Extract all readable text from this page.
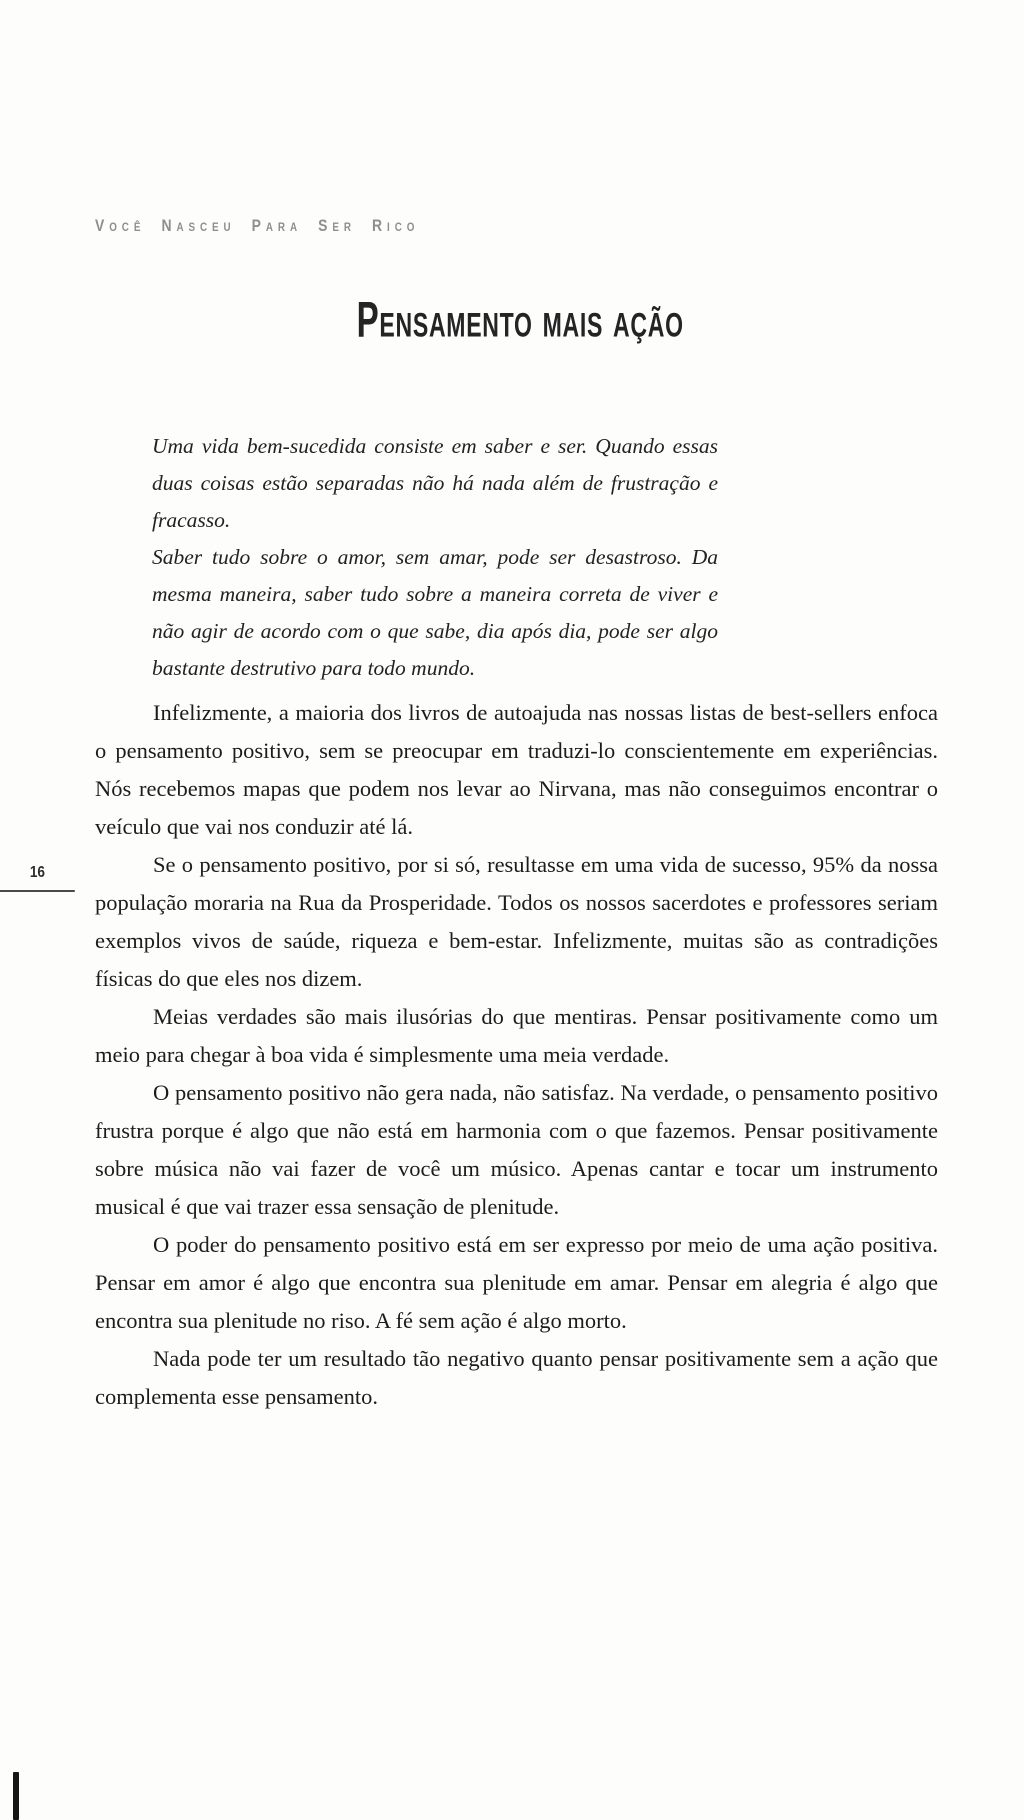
Você Nasceu Para Ser Rico
Pensamento mais ação

Uma vida bem-sucedida consiste em saber e ser. Quando essas duas coisas estão separadas não há nada além de frustração e fracasso.

Saber tudo sobre o amor, sem amar, pode ser desastroso. Da mesma maneira, saber tudo sobre a maneira correta de viver e não agir de acordo com o que sabe, dia após dia, pode ser algo bastante destrutivo para todo mundo.

16

Infelizmente, a maioria dos livros de autoajuda nas nossas listas de best-sellers enfoca o pensamento positivo, sem se preocupar em traduzi-lo conscientemente em experiências. Nós recebemos mapas que podem nos levar ao Nirvana, mas não conseguimos encontrar o veículo que vai nos conduzir até lá.

Se o pensamento positivo, por si só, resultasse em uma vida de sucesso, 95% da nossa população moraria na Rua da Prosperidade. Todos os nossos sacerdotes e professores seriam exemplos vivos de saúde, riqueza e bem-estar. Infelizmente, muitas são as contradições físicas do que eles nos dizem.

Meias verdades são mais ilusórias do que mentiras. Pensar positivamente como um meio para chegar à boa vida é simplesmente uma meia verdade.

O pensamento positivo não gera nada, não satisfaz. Na verdade, o pensamento positivo frustra porque é algo que não está em harmonia com o que fazemos. Pensar positivamente sobre música não vai fazer de você um músico. Apenas cantar e tocar um instrumento musical é que vai trazer essa sensação de plenitude.

O poder do pensamento positivo está em ser expresso por meio de uma ação positiva. Pensar em amor é algo que encontra sua plenitude em amar. Pensar em alegria é algo que encontra sua plenitude no riso. A fé sem ação é algo morto.

Nada pode ter um resultado tão negativo quanto pensar positivamente sem a ação que complementa esse pensamento.
